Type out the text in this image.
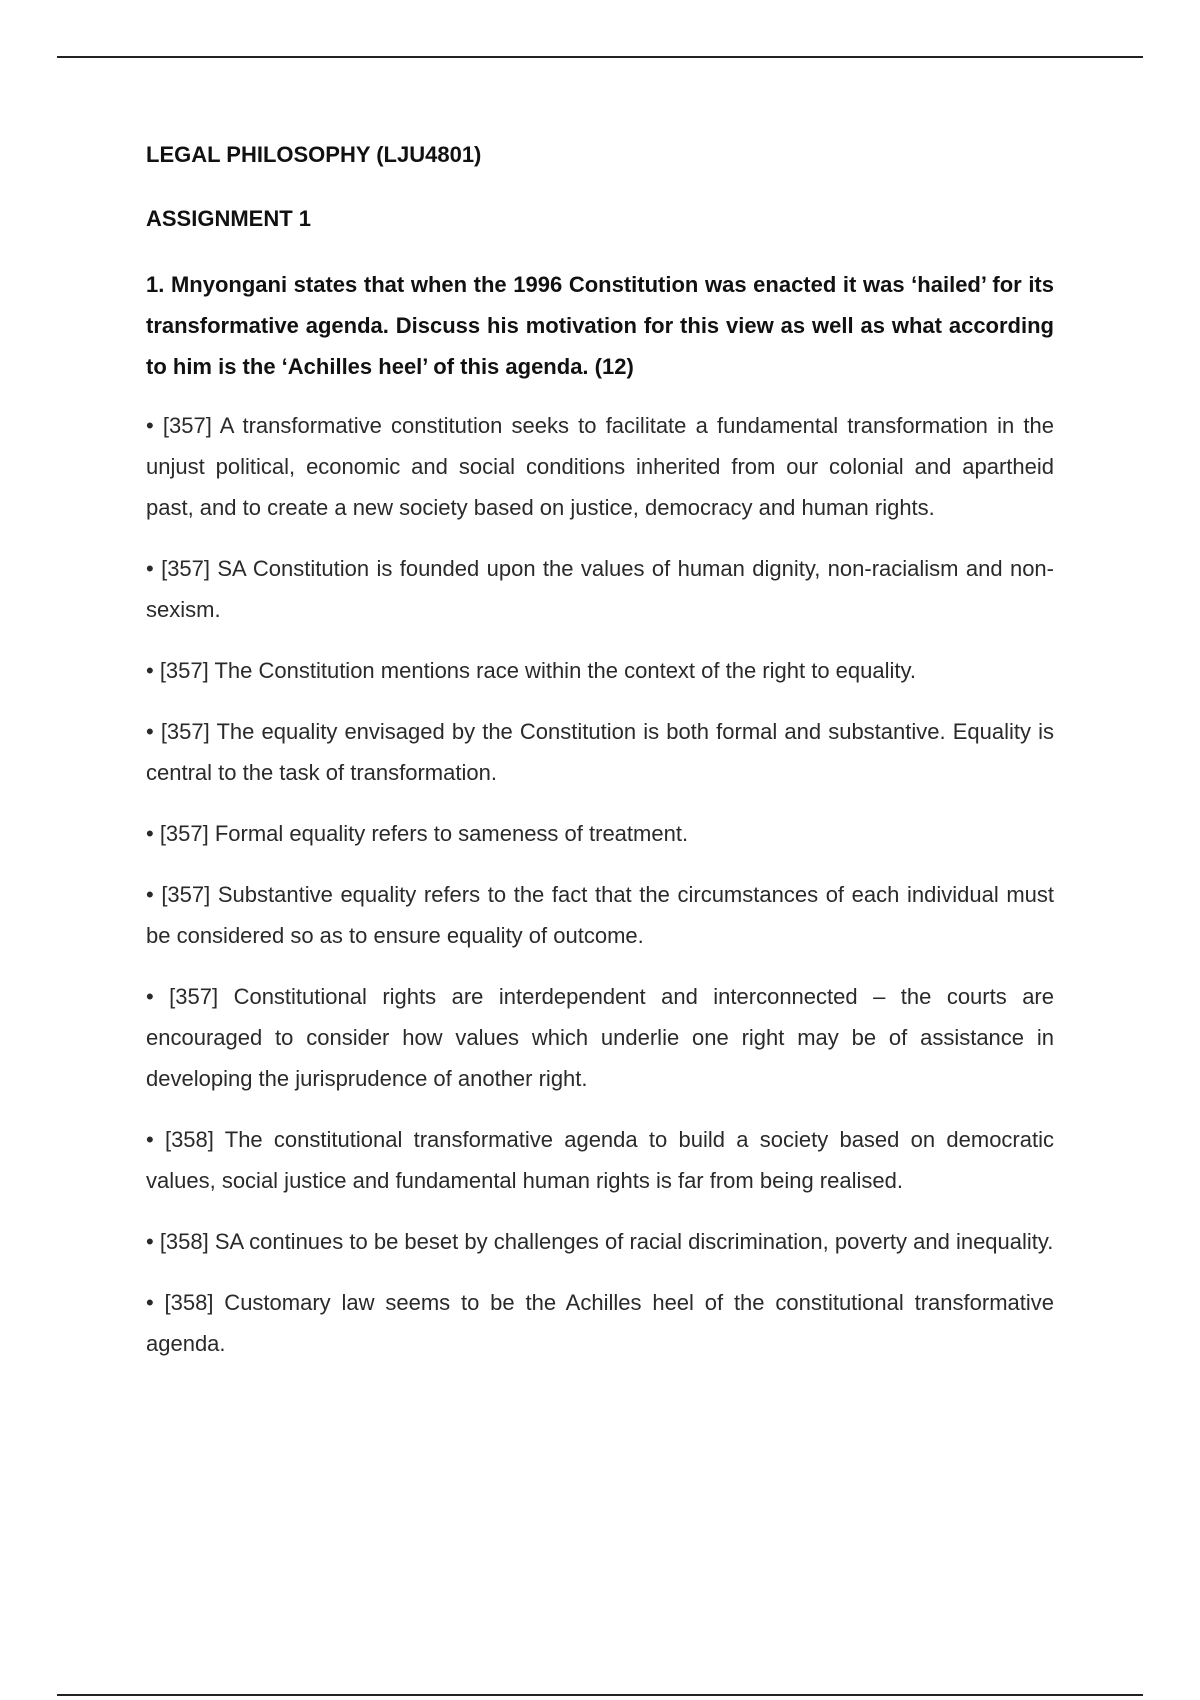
LEGAL PHILOSOPHY (LJU4801)

ASSIGNMENT 1

1. Mnyongani states that when the 1996 Constitution was enacted it was ‘hailed’ for its transformative agenda. Discuss his motivation for this view as well as what according to him is the ‘Achilles heel’ of this agenda. (12)

• [357] A transformative constitution seeks to facilitate a fundamental transformation in the unjust political, economic and social conditions inherited from our colonial and apartheid past, and to create a new society based on justice, democracy and human rights.
• [357] SA Constitution is founded upon the values of human dignity, non-racialism and non-sexism.
• [357] The Constitution mentions race within the context of the right to equality.
• [357] The equality envisaged by the Constitution is both formal and substantive. Equality is central to the task of transformation.
• [357] Formal equality refers to sameness of treatment.
• [357] Substantive equality refers to the fact that the circumstances of each individual must be considered so as to ensure equality of outcome.
• [357] Constitutional rights are interdependent and interconnected – the courts are encouraged to consider how values which underlie one right may be of assistance in developing the jurisprudence of another right.
• [358] The constitutional transformative agenda to build a society based on democratic values, social justice and fundamental human rights is far from being realised.
• [358] SA continues to be beset by challenges of racial discrimination, poverty and inequality.
• [358] Customary law seems to be the Achilles heel of the constitutional transformative agenda.
